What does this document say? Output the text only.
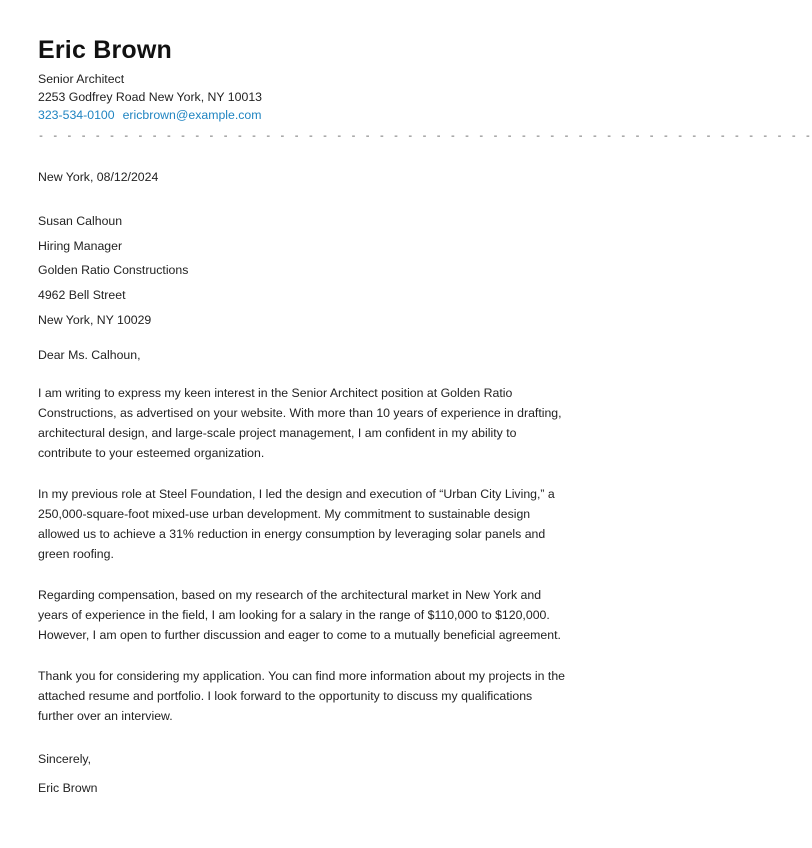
Eric Brown

Senior Architect

2253 Godfrey Road New York, NY 10013

323-534-0100 ericbrown@example.com

- - - - - - - - - - - - - - - - - - - - - - - - - - - - - - - - - - - - - - - - - - - - - - - - - - - - - - -

New York, 08/12/2024

Susan Calhoun

Hiring Manager

Golden Ratio Constructions

4962 Bell Street

New York, NY 10029

Dear Ms. Calhoun,

I am writing to express my keen interest in the Senior Architect position at Golden Ratio Constructions, as advertised on your website. With more than 10 years of experience in drafting, architectural design, and large-scale project management, I am confident in my ability to contribute to your esteemed organization.

In my previous role at Steel Foundation, I led the design and execution of “Urban City Living,” a 250,000-square-foot mixed-use urban development. My commitment to sustainable design allowed us to achieve a 31% reduction in energy consumption by leveraging solar panels and green roofing.

Regarding compensation, based on my research of the architectural market in New York and years of experience in the field, I am looking for a salary in the range of $110,000 to $120,000. However, I am open to further discussion and eager to come to a mutually beneficial agreement.

Thank you for considering my application. You can find more information about my projects in the attached resume and portfolio. I look forward to the opportunity to discuss my qualifications further over an interview.

Sincerely,

Eric Brown
